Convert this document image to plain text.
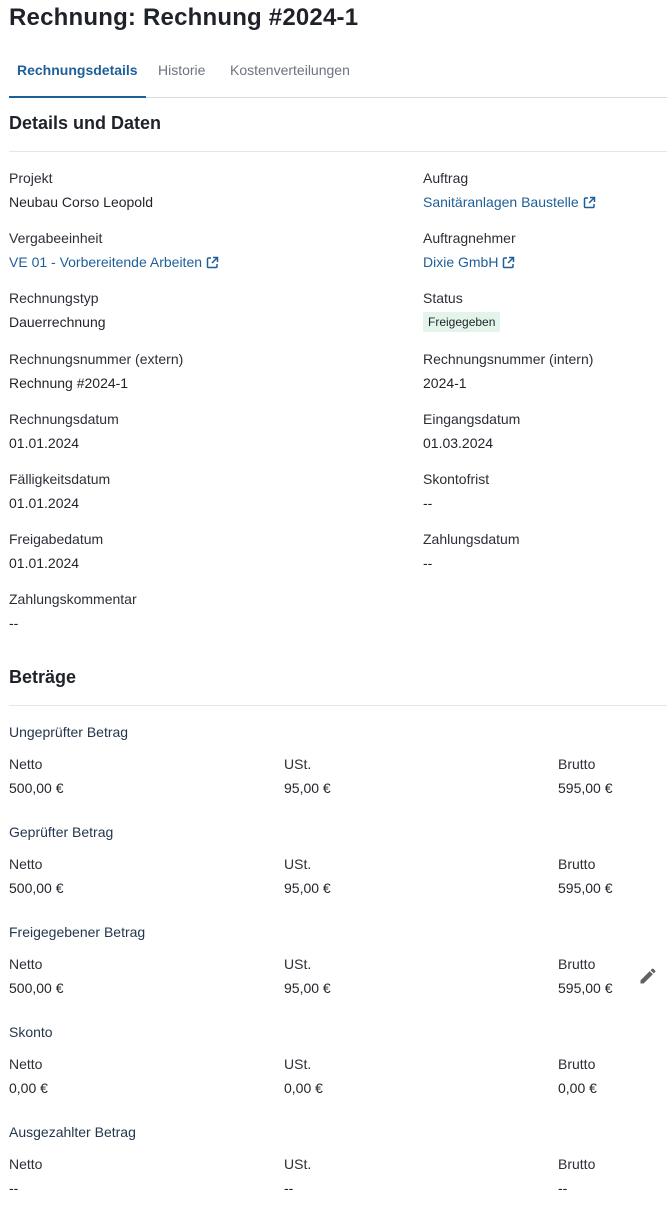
Rechnung: Rechnung #2024-1
Rechnungsdetails Historie Kostenverteilungen
Details und Daten
Projekt
Neubau Corso Leopold
Auftrag
Sanitäranlagen Baustelle
Vergabeeinheit
VE 01 - Vorbereitende Arbeiten
Auftragnehmer
Dixie GmbH
Rechnungstyp
Dauerrechnung
Status
Freigegeben
Rechnungsnummer (extern)
Rechnung #2024-1
Rechnungsnummer (intern)
2024-1
Rechnungsdatum
01.01.2024
Eingangsdatum
01.03.2024
Fälligkeitsdatum
01.01.2024
Skontofrist
--
Freigabedatum
01.01.2024
Zahlungsdatum
--
Zahlungskommentar
--
Beträge
Ungeprüfter Betrag
Netto
500,00 €
USt.
95,00 €
Brutto
595,00 €
Geprüfter Betrag
Netto
500,00 €
USt.
95,00 €
Brutto
595,00 €
Freigegebener Betrag
Netto
500,00 €
USt.
95,00 €
Brutto
595,00 €
Skonto
Netto
0,00 €
USt.
0,00 €
Brutto
0,00 €
Ausgezahlter Betrag
Netto
--
USt.
--
Brutto
--
